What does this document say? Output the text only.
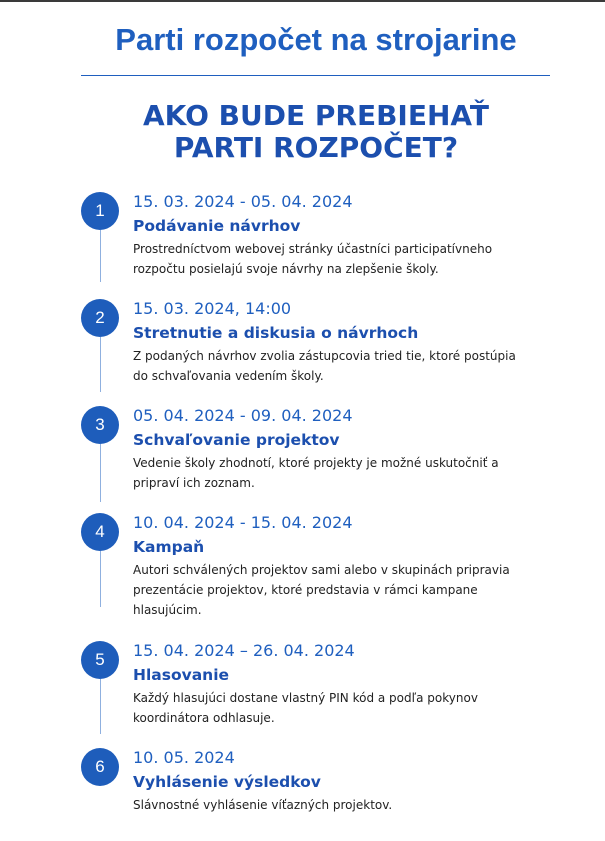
Parti rozpočet na strojarine
AKO BUDE PREBIEHAŤ
PARTI ROZPOČET?
1	15. 03. 2024 - 05. 04. 2024
Podávanie návrhov
Prostredníctvom webovej stránky účastníci participatívneho
rozpočtu posielajú svoje návrhy na zlepšenie školy.
2	15. 03. 2024, 14:00
Stretnutie a diskusia o návrhoch
Z podaných návrhov zvolia zástupcovia tried tie, ktoré postúpia
do schvaľovania vedením školy.
3	05. 04. 2024 - 09. 04. 2024
Schvaľovanie projektov
Vedenie školy zhodnotí, ktoré projekty je možné uskutočniť a
pripraví ich zoznam.
4	10. 04. 2024 - 15. 04. 2024
Kampaň
Autori schválených projektov sami alebo v skupinách pripravia
prezentácie projektov, ktoré predstavia v rámci kampane
hlasujúcim.
5	15. 04. 2024 – 26. 04. 2024
Hlasovanie
Každý hlasujúci dostane vlastný PIN kód a podľa pokynov
koordinátora odhlasuje.
6	10. 05. 2024
Vyhlásenie výsledkov
Slávnostné vyhlásenie víťazných projektov.
